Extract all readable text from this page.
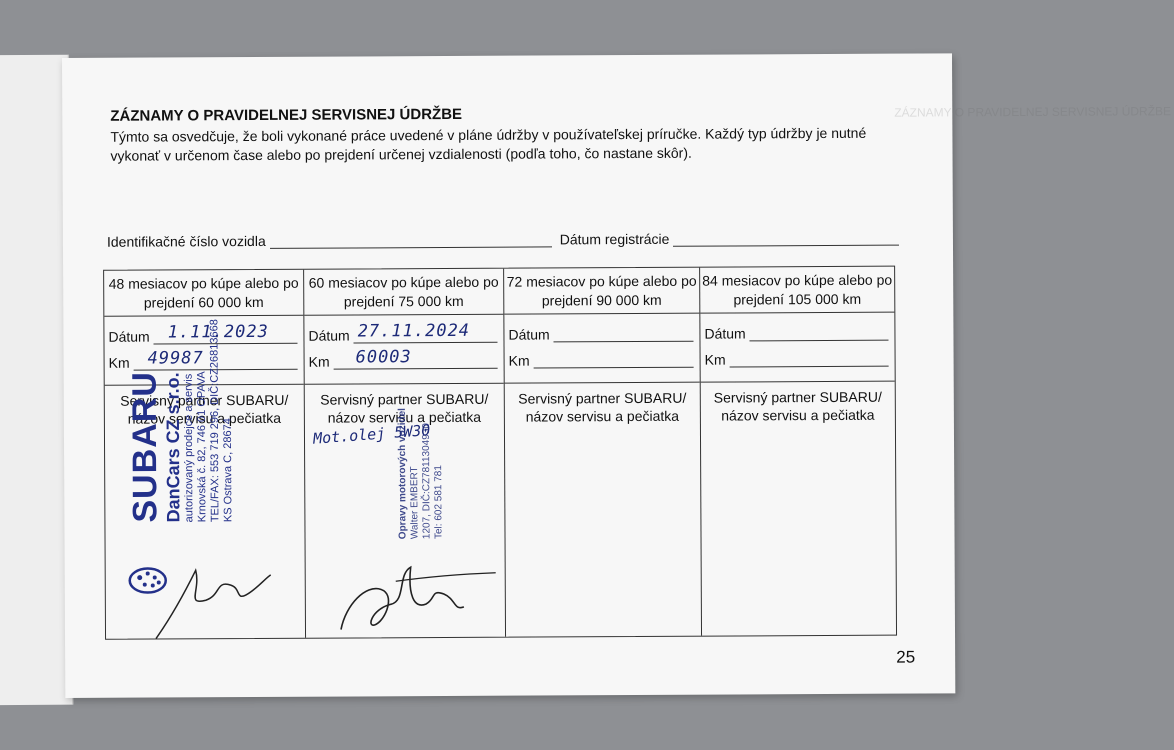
ZÁZNAMY O PRAVIDELNEJ SERVISNEJ ÚDRŽBE
ZÁZNAMY O PRAVIDELNEJ SERVISNEJ ÚDRŽBE
Týmto sa osvedčuje, že boli vykonané práce uvedené v pláne údržby v používateľskej príručke. Každý typ údržby je nutné vykonať v určenom čase alebo po prejdení určenej vzdialenosti (podľa toho, čo nastane skôr).
Identifikačné číslo vozidla	Dátum registrácie
48 mesiacov po kúpe alebo po prejdení 60 000 km
Dátum 1.11.2023
Km 49987
Servisný partner SUBARU/ názov servisu a pečiatka
SUBARU
DanCars CZ s.r.o. autorizovaný prodejce a servis Krnovská č. 82, 746 01 OPAVA TEL/FAX: 553 719 296, DIČ:CZ26813668 KS Ostrava C, 28674
60 mesiacov po kúpe alebo po prejdení 75 000 km
Dátum 27.11.2024
Km 60003
Servisný partner SUBARU/ názov servisu a pečiatka
Mot.olej 5W30
Opravy motorových vozidel Walter EMBERT 1207, DIČ:CZ7811304930 Tel: 602 581 781
72 mesiacov po kúpe alebo po prejdení 90 000 km
Dátum
Km
Servisný partner SUBARU/ názov servisu a pečiatka
84 mesiacov po kúpe alebo po prejdení 105 000 km
Dátum
Km
Servisný partner SUBARU/ názov servisu a pečiatka
25
